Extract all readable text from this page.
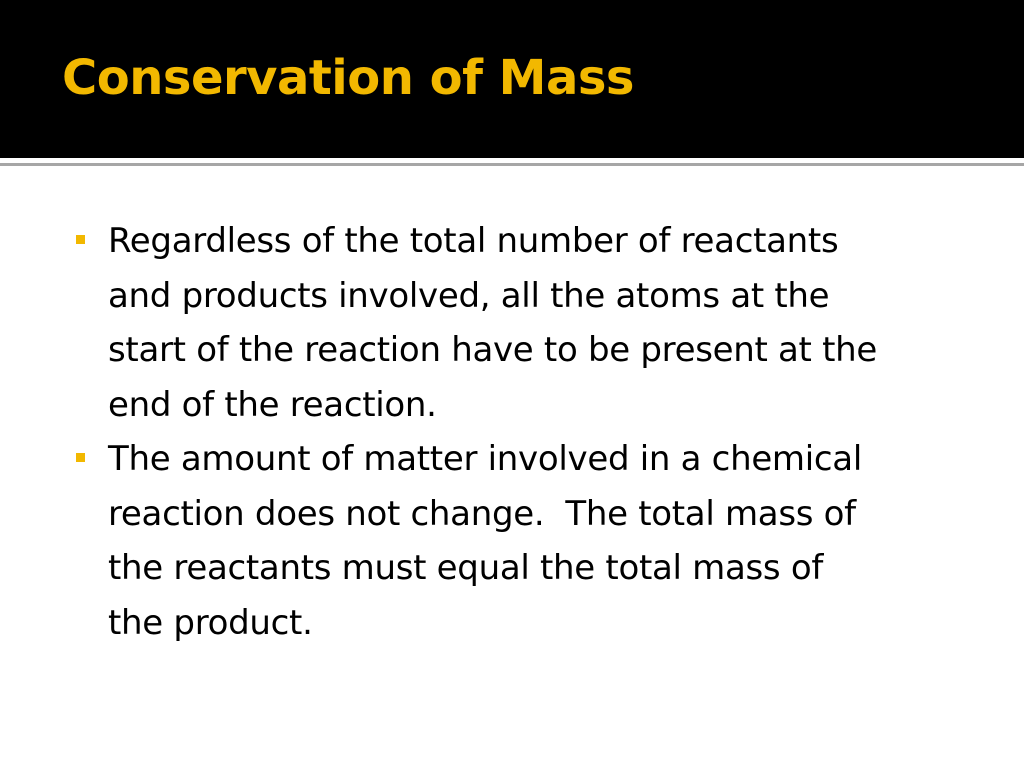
Conservation of Mass
Regardless of the total number of reactants
and products involved, all the atoms at the
start of the reaction have to be present at the
end of the reaction.
The amount of matter involved in a chemical
reaction does not change.  The total mass of
the reactants must equal the total mass of
the product.
